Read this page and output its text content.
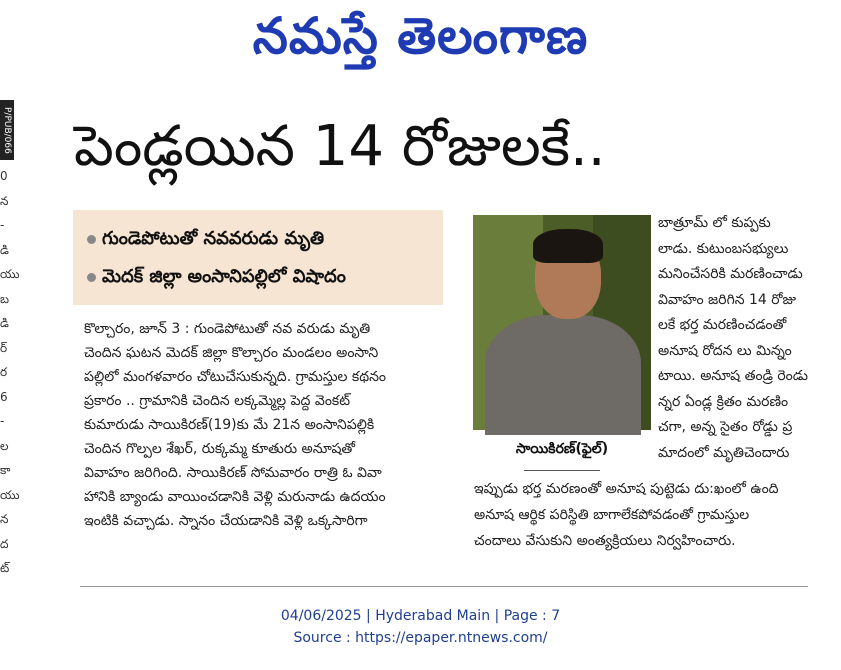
నమస్తే తెలంగాణ
P/PUB/066
0
న
-
డి
యు
బ
డి
ర్
ర
6
-
ల
కా
యు
న
ద
ట్
పెండ్లయిన 14 రోజులకే..
గుండెపోటుతో నవవరుడు మృతి
మెదక్ జిల్లా అంసానిపల్లిలో విషాదం
కొల్చారం, జూన్ 3 : గుండెపోటుతో నవ వరుడు మృతి
చెందిన ఘటన మెదక్ జిల్లా కొల్చారం మండలం అంసాని
పల్లిలో మంగళవారం చోటుచేసుకున్నది. గ్రామస్తుల కథనం
ప్రకారం .. గ్రామానికి చెందిన లక్కమ్మెల్ల పెద్ద వెంకట్
కుమారుడు సాయికిరణ్(19)కు మే 21న అంసానిపల్లికి
చెందిన గొల్పల శేఖర్, రుక్కమ్మ కూతురు అనూషతో
వివాహం జరిగింది. సాయికిరణ్ సోమవారం రాత్రి ఓ వివా
హానికి బ్యాండు వాయించడానికి వెళ్లి మరునాడు ఉదయం
ఇంటికి వచ్చాడు. స్నానం చేయడానికి వెళ్లి ఒక్కసారిగా
సాయికిరణ్(ఫైల్)
బాత్రూమ్ లో కుప్పకు
లాడు. కుటుంబసభ్యులు
మనించేసరికి మరణించాడు
వివాహం జరిగిన 14 రోజు
లకే భర్త మరణించడంతో
అనూష రోదన లు మిన్నం
టాయి. అనూష తండ్రి రెండు
న్నర ఏండ్ల క్రితం మరణిం
చగా, అన్న సైతం రోడ్డు ప్ర
మాదంలో మృతిచెందారు
ఇప్పుడు భర్త మరణంతో అనూష పుట్టెడు దు:ఖంలో ఉంది
అనూష ఆర్థిక పరిస్థితి బాగాలేకపోవడంతో గ్రామస్తుల
చందాలు వేసుకుని అంత్యక్రియలు నిర్వహించారు.
04/06/2025 | Hyderabad Main | Page : 7
Source : https://epaper.ntnews.com/
